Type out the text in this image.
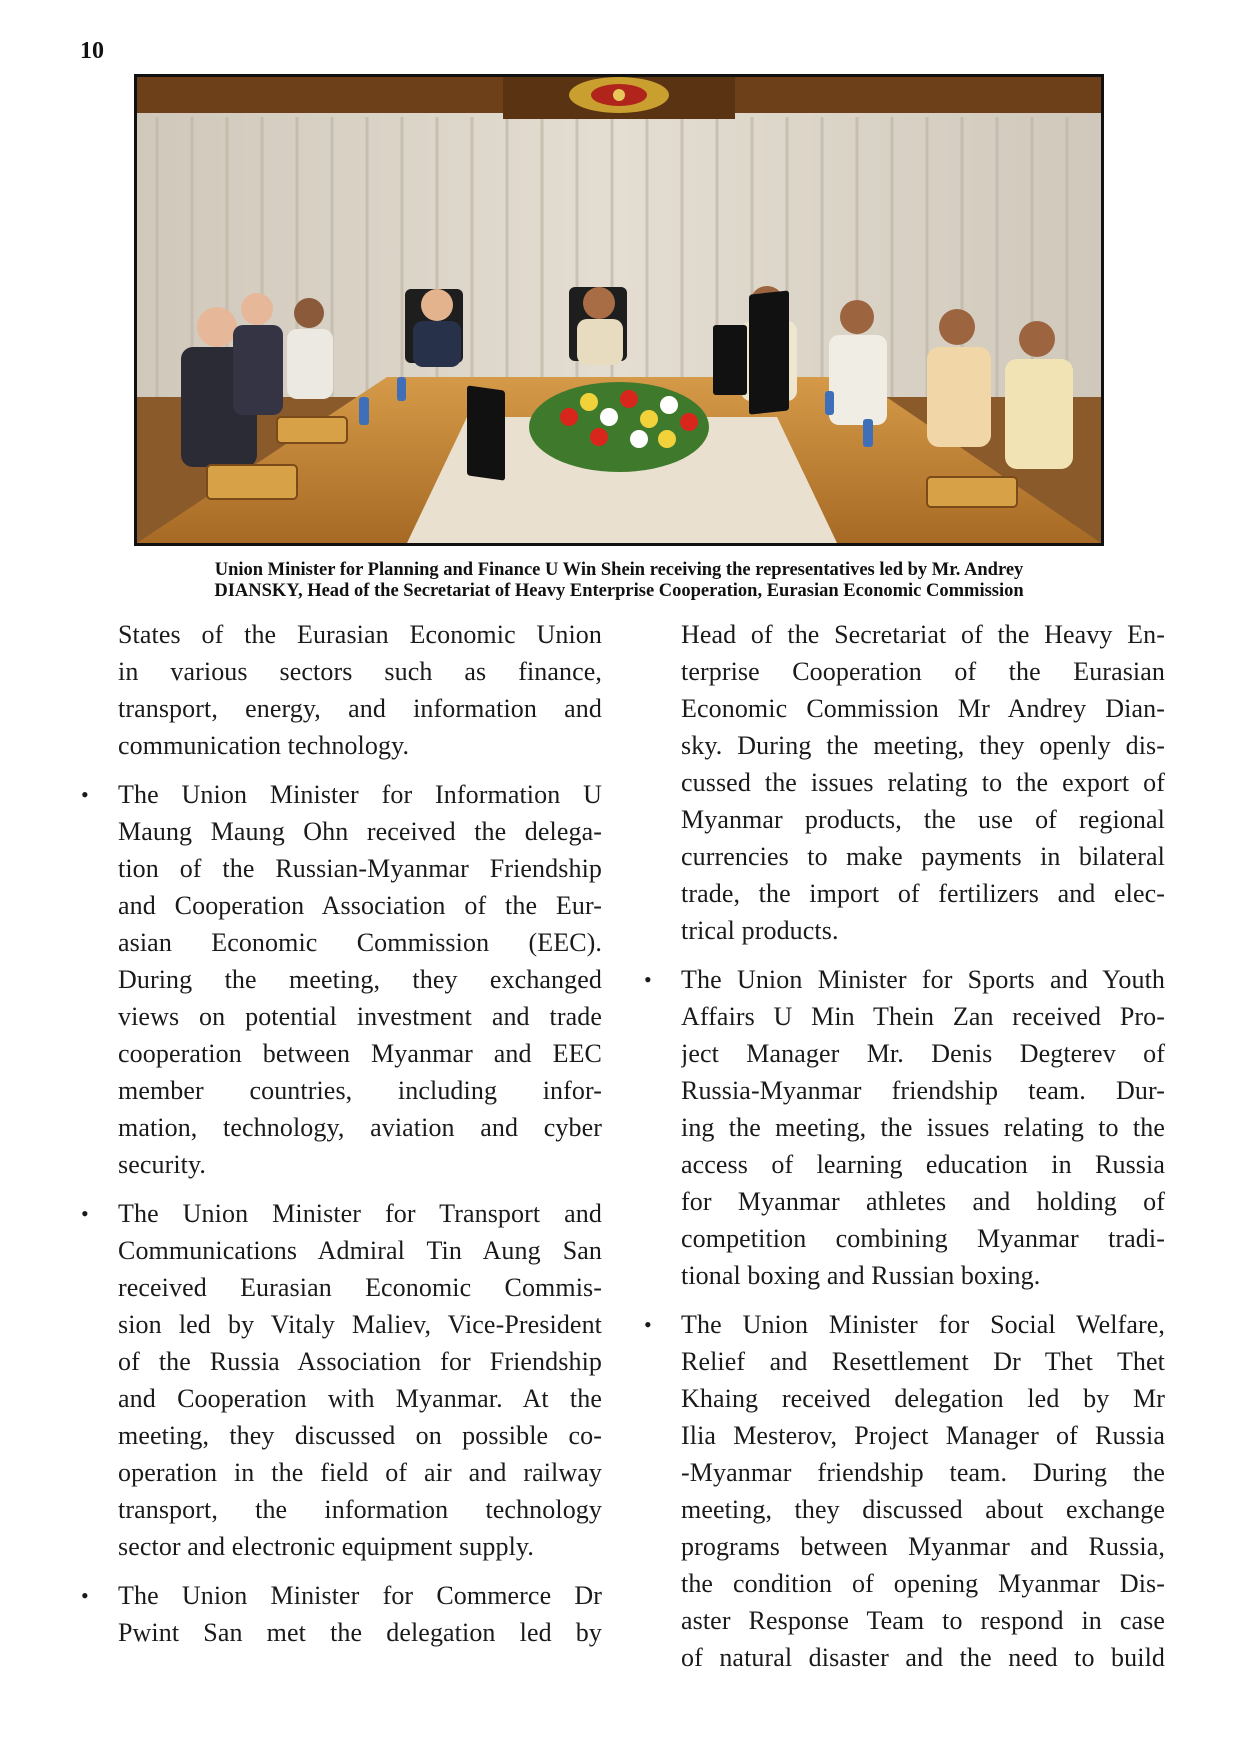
10
Union Minister for Planning and Finance U Win Shein receiving the representatives led by Mr. Andrey
DIANSKY, Head of the Secretariat of Heavy Enterprise Cooperation, Eurasian Economic Commission
States of the Eurasian Economic Union
in various sectors such as finance,
transport, energy, and information and
communication technology.
• The Union Minister for Information U
Maung Maung Ohn received the delega-
tion of the Russian-Myanmar Friendship
and Cooperation Association of the Eur-
asian Economic Commission (EEC).
During the meeting, they exchanged
views on potential investment and trade
cooperation between Myanmar and EEC
member countries, including infor-
mation, technology, aviation and cyber
security.
• The Union Minister for Transport and
Communications Admiral Tin Aung San
received Eurasian Economic Commis-
sion led by Vitaly Maliev, Vice-President
of the Russia Association for Friendship
and Cooperation with Myanmar. At the
meeting, they discussed on possible co-
operation in the field of air and railway
transport, the information technology
sector and electronic equipment supply.
• The Union Minister for Commerce Dr
Pwint San met the delegation led by
Head of the Secretariat of the Heavy En-
terprise Cooperation of the Eurasian
Economic Commission Mr Andrey Dian-
sky. During the meeting, they openly dis-
cussed the issues relating to the export of
Myanmar products, the use of regional
currencies to make payments in bilateral
trade, the import of fertilizers and elec-
trical products.
• The Union Minister for Sports and Youth
Affairs U Min Thein Zan received Pro-
ject Manager Mr. Denis Degterev of
Russia-Myanmar friendship team. Dur-
ing the meeting, the issues relating to the
access of learning education in Russia
for Myanmar athletes and holding of
competition combining Myanmar tradi-
tional boxing and Russian boxing.
• The Union Minister for Social Welfare,
Relief and Resettlement Dr Thet Thet
Khaing received delegation led by Mr
Ilia Mesterov, Project Manager of Russia
-Myanmar friendship team. During the
meeting, they discussed about exchange
programs between Myanmar and Russia,
the condition of opening Myanmar Dis-
aster Response Team to respond in case
of natural disaster and the need to build
